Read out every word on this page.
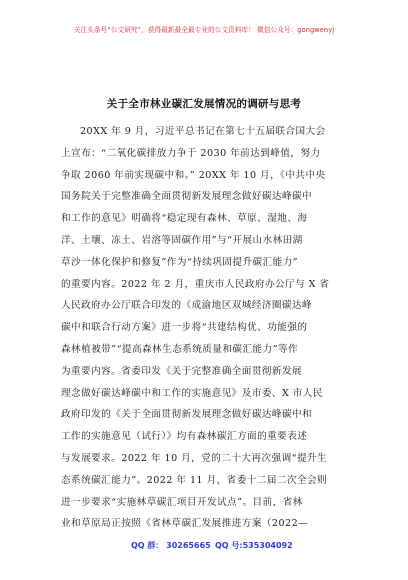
关注头条号“公文研究”，获得最新最全最专业的公文资料库！ 微信公众号：gongwenyj
关于全市林业碳汇发展情况的调研与思考
20XX 年 9 月，习近平总书记在第七十五届联合国大会
上宣布：“二氧化碳排放力争于 2030 年前达到峰值，努力
争取 2060 年前实现碳中和。” 20XX 年 10 月，《中共中央
国务院关于完整准确全面贯彻新发展理念做好碳达峰碳中
和工作的意见》明确将“稳定现有森林、草原、湿地、海
洋、土壤、冻土、岩溶等固碳作用”与“开展山水林田湖
草沙一体化保护和修复”作为“持续巩固提升碳汇能力”
的重要内容。2022 年 2 月，重庆市人民政府办公厅与 X 省
人民政府办公厅联合印发的《成渝地区双城经济圈碳达峰
碳中和联合行动方案》进一步将“共建结构优、功能强的
森林植被带”“提高森林生态系统质量和碳汇能力”等作
为重要内容。省委印发《关于完整准确全面贯彻新发展
理念做好碳达峰碳中和工作的实施意见》及市委、X 市人民
政府印发的《关于全面贯彻新发展理念做好碳达峰碳中和
工作的实施意见（试行）》均有森林碳汇方面的重要表述
与发展要求。2022 年 10 月，党的二十大再次强调“提升生
态系统碳汇能力”。2022 年 11 月，省委十二届二次全会则
进一步要求“实施林草碳汇项目开发试点”。目前，省林
业和草原局正按照《省林草碳汇发展推进方案（2022—
QQ 群： 30265665 QQ 号:535304092
